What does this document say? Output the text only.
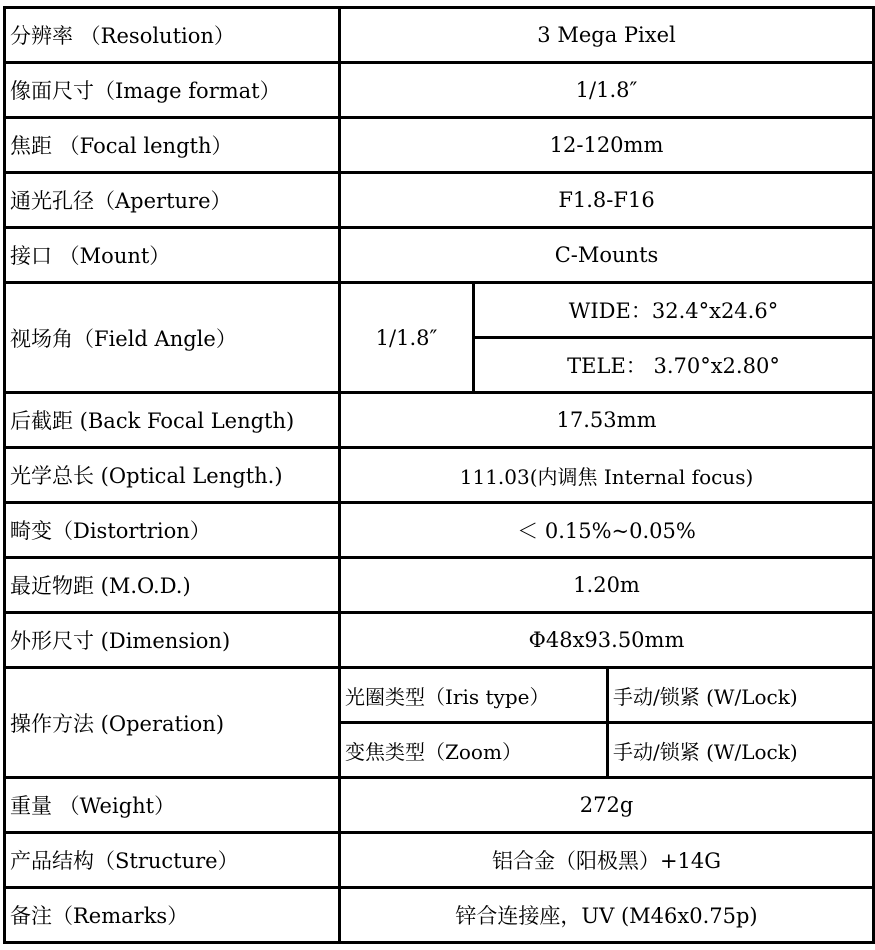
分辨率 （Resolution）	3 Mega Pixel		
像面尺寸（Image format）	1/1.8″		
焦距 （Focal length）	12-120mm		
通光孔径（Aperture）	F1.8-F16		
接口 （Mount）	C-Mounts		
视场角（Field Angle）	1/1.8″	WIDE：32.4°x24.6°	
		TELE： 3.70°x2.80°	
后截距 (Back Focal Length)	17.53mm		
光学总长 (Optical Length.)	111.03(内调焦 Internal focus)		
畸变（Distortrion）	＜ 0.15%~0.05%		
最近物距 (M.O.D.)	1.20m		
外形尺寸 (Dimension)	Φ48x93.50mm		
操作方法 (Operation)	光圈类型（Iris type）		手动/锁紧 (W/Lock)
	变焦类型（Zoom）		手动/锁紧 (W/Lock)
重量 （Weight）	272g		
产品结构（Structure）	铝合金（阳极黑）+14G		
备注（Remarks）	锌合连接座，UV (M46x0.75p)		
